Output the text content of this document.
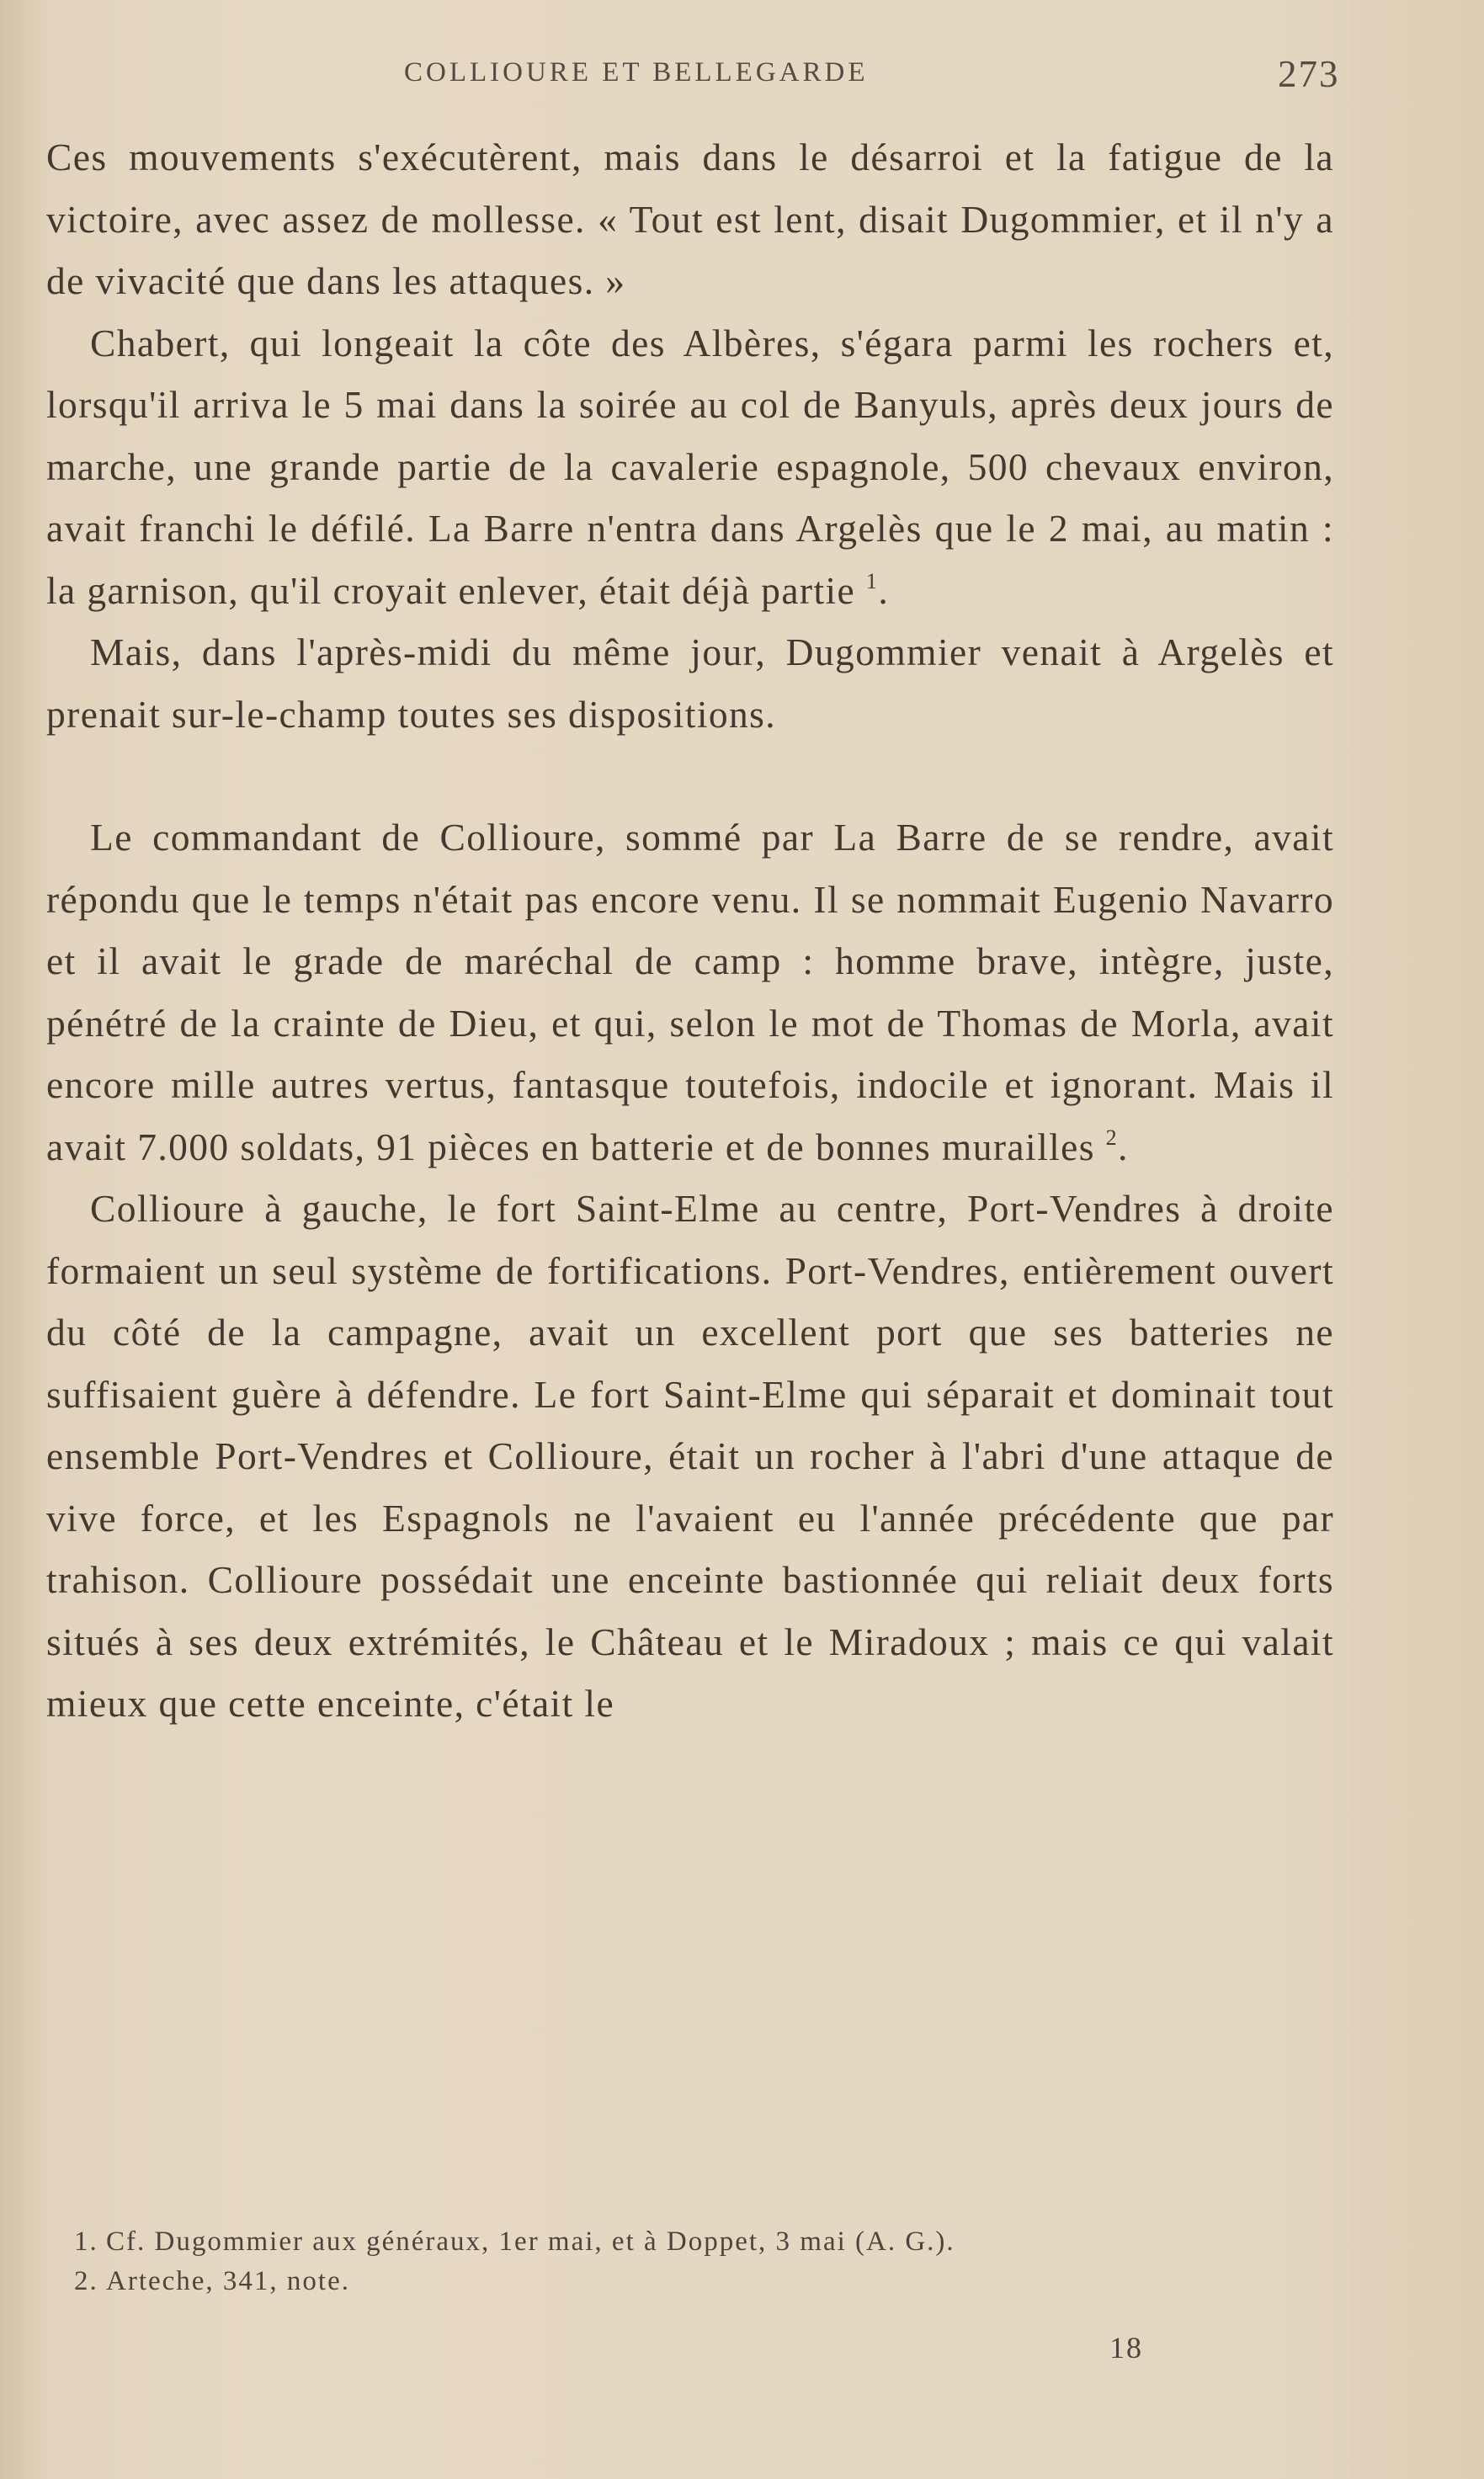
COLLIOURE ET BELLEGARDE	273

Ces mouvements s'exécutèrent, mais dans le désarroi et la fatigue de la victoire, avec assez de mollesse. « Tout est lent, disait Dugommier, et il n'y a de vivacité que dans les attaques. »

Chabert, qui longeait la côte des Albères, s'égara parmi les rochers et, lorsqu'il arriva le 5 mai dans la soirée au col de Banyuls, après deux jours de marche, une grande partie de la cavalerie espagnole, 500 chevaux environ, avait franchi le défilé. La Barre n'entra dans Argelès que le 2 mai, au matin : la garnison, qu'il croyait enlever, était déjà partie $^1$.

Mais, dans l'après-midi du même jour, Dugommier venait à Argelès et prenait sur-le-champ toutes ses dispositions.

Le commandant de Collioure, sommé par La Barre de se rendre, avait répondu que le temps n'était pas encore venu. Il se nommait Eugenio Navarro et il avait le grade de maréchal de camp : homme brave, intègre, juste, pénétré de la crainte de Dieu, et qui, selon le mot de Thomas de Morla, avait encore mille autres vertus, fantasque toutefois, indocile et ignorant. Mais il avait 7.000 soldats, 91 pièces en batterie et de bonnes murailles $^2$.

Collioure à gauche, le fort Saint-Elme au centre, Port-Vendres à droite formaient un seul système de fortifications. Port-Vendres, entièrement ouvert du côté de la campagne, avait un excellent port que ses batteries ne suffisaient guère à défendre. Le fort Saint-Elme qui séparait et dominait tout ensemble Port-Vendres et Collioure, était un rocher à l'abri d'une attaque de vive force, et les Espagnols ne l'avaient eu l'année précédente que par trahison. Collioure possédait une enceinte bastionnée qui reliait deux forts situés à ses deux extrémités, le Château et le Miradoux ; mais ce qui valait mieux que cette enceinte, c'était le

1. Cf. Dugommier aux généraux, 1er mai, et à Doppet, 3 mai (A. G.).
2. Arteche, 341, note.
18
